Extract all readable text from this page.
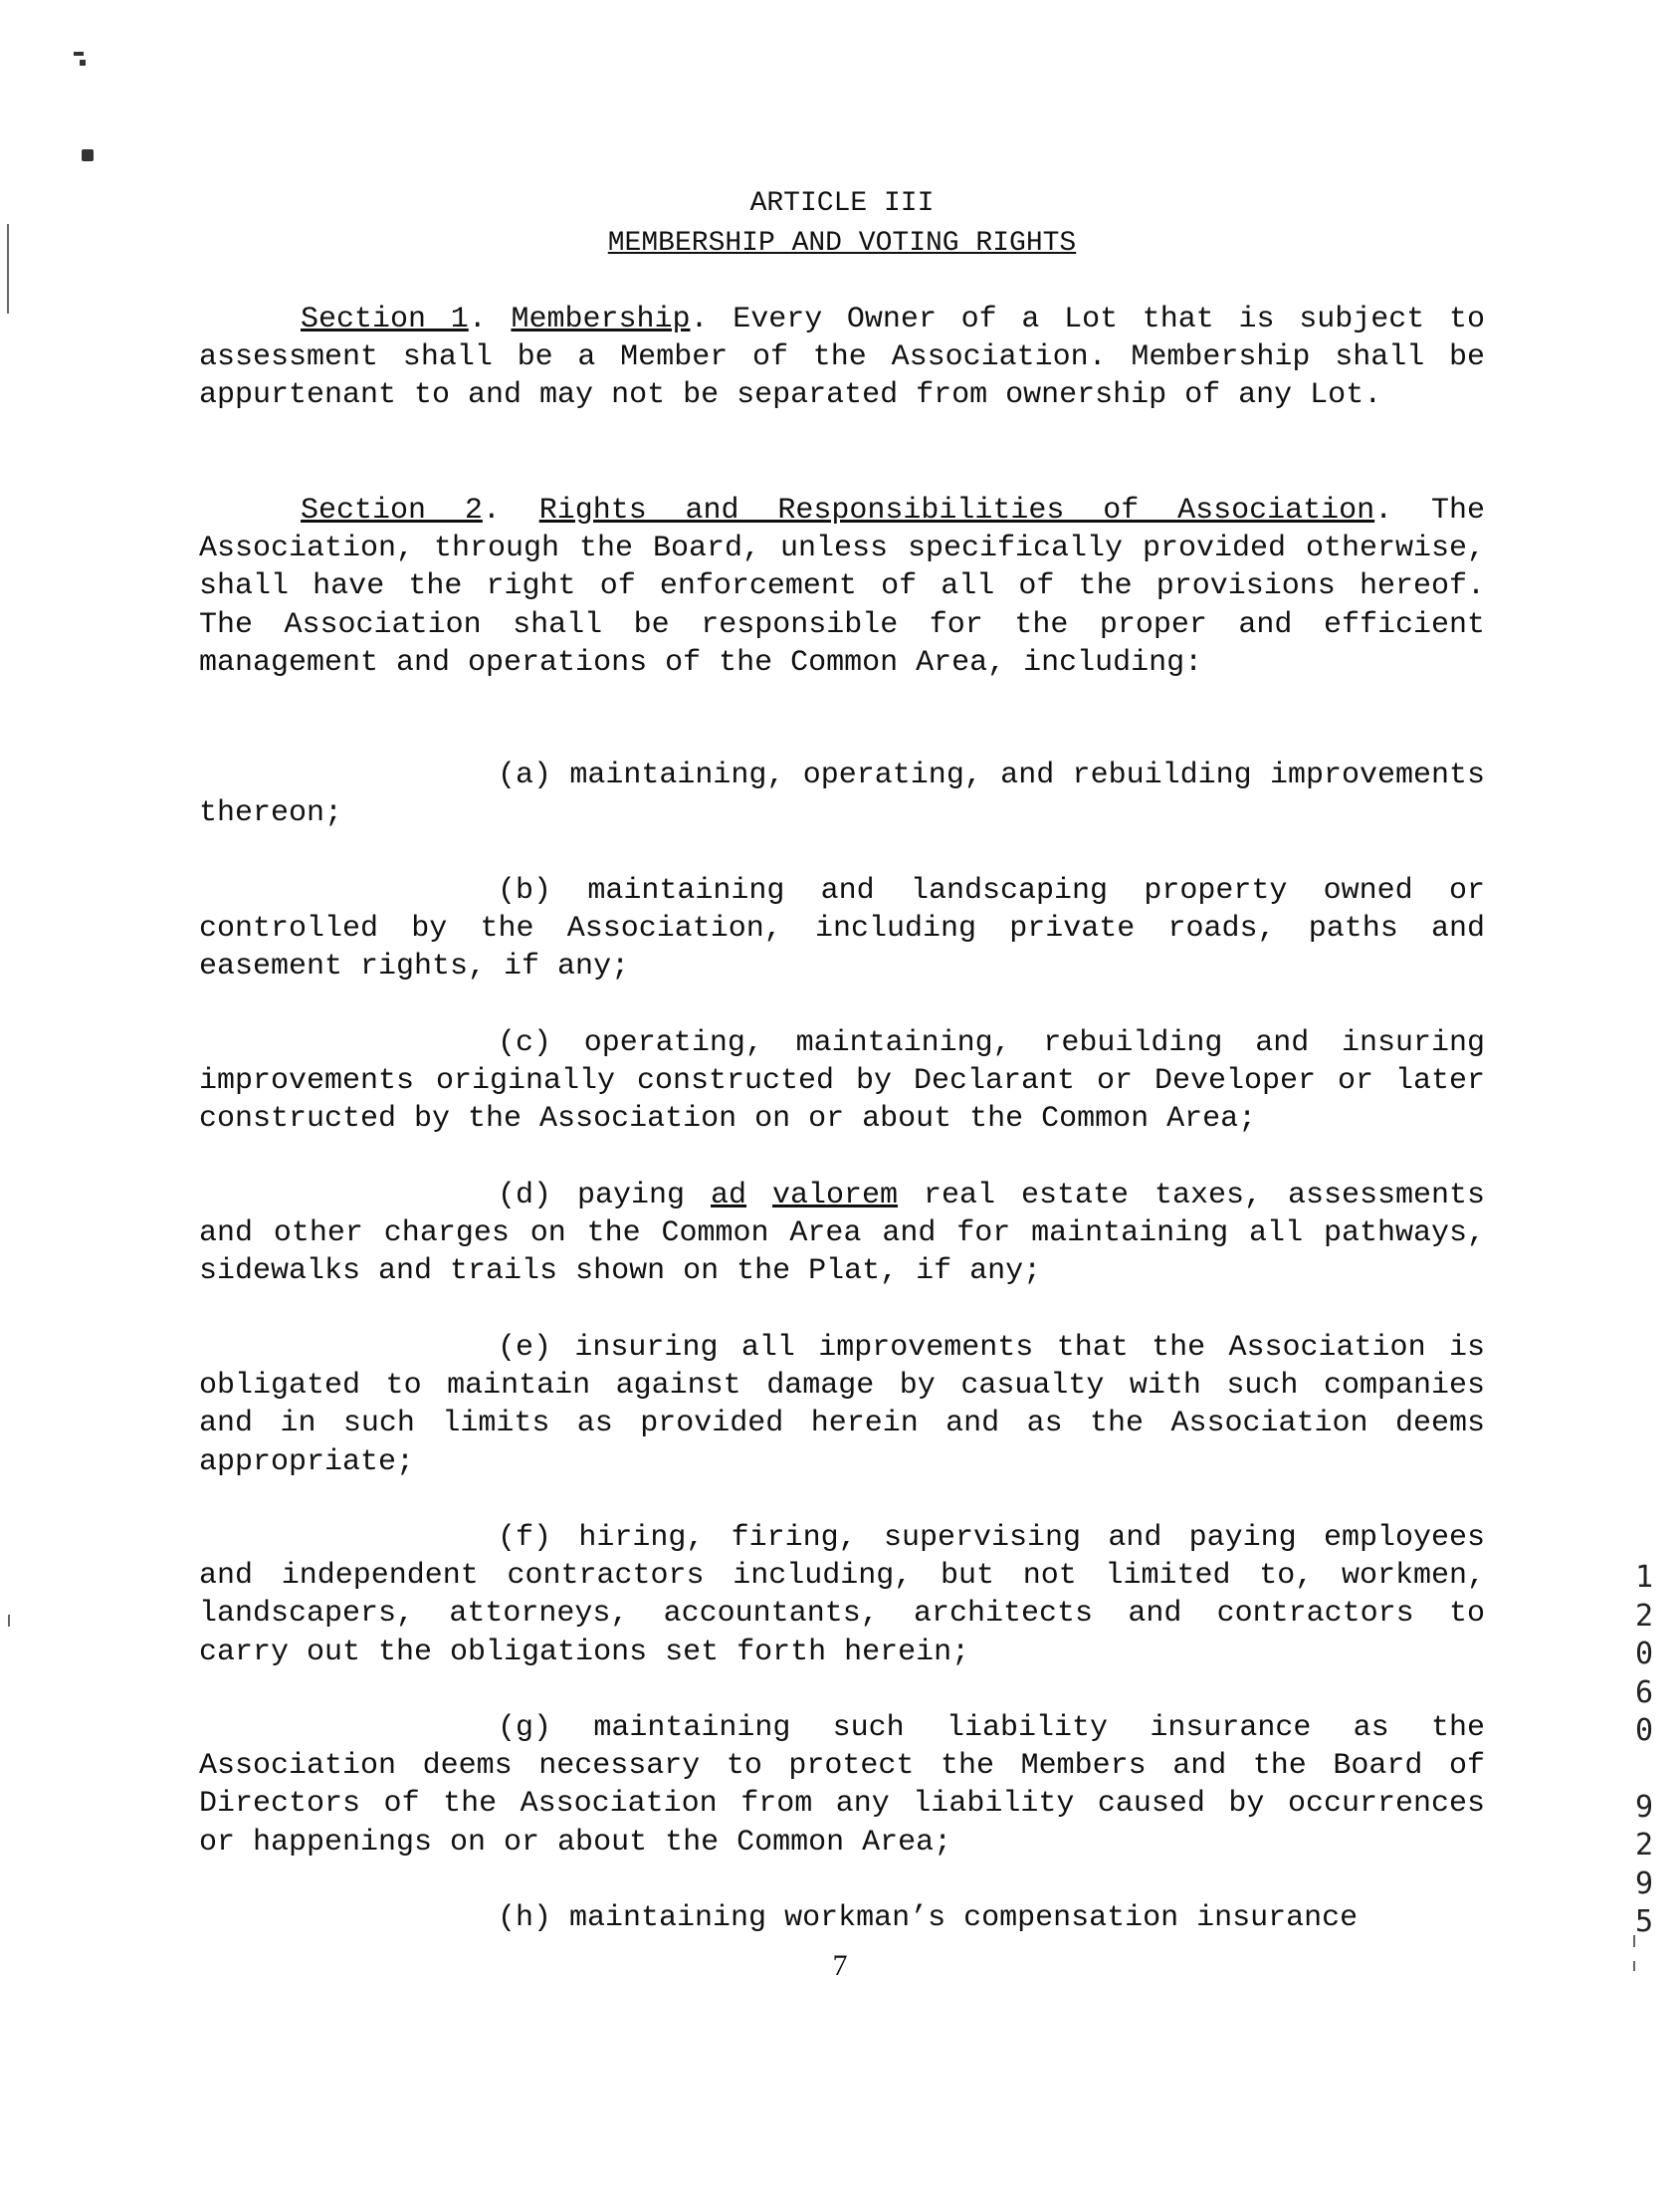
ARTICLE III
MEMBERSHIP AND VOTING RIGHTS

Section 1. Membership. Every Owner of a Lot that is subject to assessment shall be a Member of the Association. Membership shall be appurtenant to and may not be separated from ownership of any Lot.

Section 2. Rights and Responsibilities of Association. The Association, through the Board, unless specifically provided otherwise, shall have the right of enforcement of all of the provisions hereof. The Association shall be responsible for the proper and efficient management and operations of the Common Area, including:

(a) maintaining, operating, and rebuilding improvements thereon;

(b) maintaining and landscaping property owned or controlled by the Association, including private roads, paths and easement rights, if any;

(c) operating, maintaining, rebuilding and insuring improvements originally constructed by Declarant or Developer or later constructed by the Association on or about the Common Area;

(d) paying ad valorem real estate taxes, assessments and other charges on the Common Area and for maintaining all pathways, sidewalks and trails shown on the Plat, if any;

(e) insuring all improvements that the Association is obligated to maintain against damage by casualty with such companies and in such limits as provided herein and as the Association deems appropriate;

(f) hiring, firing, supervising and paying employees and independent contractors including, but not limited to, workmen, landscapers, attorneys, accountants, architects and contractors to carry out the obligations set forth herein;

(g) maintaining such liability insurance as the Association deems necessary to protect the Members and the Board of Directors of the Association from any liability caused by occurrences or happenings on or about the Common Area;

(h) maintaining workman’s compensation insurance

7
1
2
0
6
0
9
2
9
5
